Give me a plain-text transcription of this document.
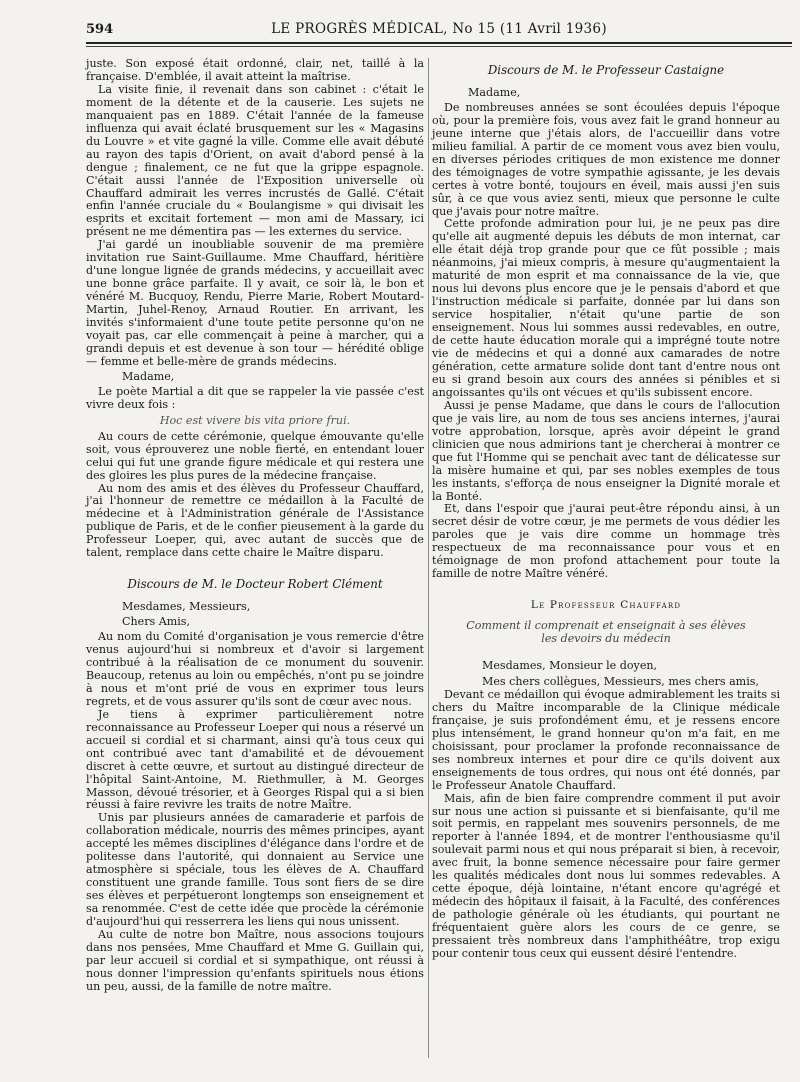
594	LE PROGRÈS MÉDICAL, No 15 (11 Avril 1936)

juste. Son exposé était ordonné, clair, net, taillé à la française. D'emblée, il avait atteint la maîtrise.

La visite finie, il revenait dans son cabinet : c'était le moment de la détente et de la causerie. Les sujets ne manquaient pas en 1889. C'était l'année de la fameuse influenza qui avait éclaté brusquement sur les « Magasins du Louvre » et vite gagné la ville. Comme elle avait débuté au rayon des tapis d'Orient, on avait d'abord pensé à la dengue ; finalement, ce ne fut que la grippe espagnole. C'était aussi l'année de l'Exposition universelle où Chauffard admirait les verres incrustés de Gallé. C'était enfin l'année cruciale du « Boulangisme » qui divisait les esprits et excitait fortement — mon ami de Massary, ici présent ne me démentira pas — les externes du service.

J'ai gardé un inoubliable souvenir de ma première invitation rue Saint-Guillaume. Mme Chauffard, héritière d'une longue lignée de grands médecins, y accueillait avec une bonne grâce parfaite. Il y avait, ce soir là, le bon et vénéré M. Bucquoy, Rendu, Pierre Marie, Robert Moutard-Martin, Juhel-Renoy, Arnaud Routier. En arrivant, les invités s'informaient d'une toute petite personne qu'on ne voyait pas, car elle commençait à peine à marcher, qui a grandi depuis et est devenue à son tour — hérédité oblige — femme et belle-mère de grands médecins.

Madame,

Le poète Martial a dit que se rappeler la vie passée c'est vivre deux fois :

Hoc est vivere bis vita priore frui.

Au cours de cette cérémonie, quelque émouvante qu'elle soit, vous éprouverez une noble fierté, en entendant louer celui qui fut une grande figure médicale et qui restera une des gloires les plus pures de la médecine française.

Au nom des amis et des élèves du Professeur Chauffard, j'ai l'honneur de remettre ce médaillon à la Faculté de médecine et à l'Administration générale de l'Assistance publique de Paris, et de le confier pieusement à la garde du Professeur Loeper, qui, avec autant de succès que de talent, remplace dans cette chaire le Maître disparu.

Discours de M. le Docteur Robert Clément

Mesdames, Messieurs,

Chers Amis,

Au nom du Comité d'organisation je vous remercie d'être venus aujourd'hui si nombreux et d'avoir si largement contribué à la réalisation de ce monument du souvenir. Beaucoup, retenus au loin ou empêchés, n'ont pu se joindre à nous et m'ont prié de vous en exprimer tous leurs regrets, et de vous assurer qu'ils sont de cœur avec nous.

Je tiens à exprimer particulièrement notre reconnaissance au Professeur Loeper qui nous a réservé un accueil si cordial et si charmant, ainsi qu'à tous ceux qui ont contribué avec tant d'amabilité et de dévouement discret à cette œuvre, et surtout au distingué directeur de l'hôpital Saint-Antoine, M. Riethmuller, à M. Georges Masson, dévoué trésorier, et à Georges Rispal qui a si bien réussi à faire revivre les traits de notre Maître.

Unis par plusieurs années de camaraderie et parfois de collaboration médicale, nourris des mêmes principes, ayant accepté les mêmes disciplines d'élégance dans l'ordre et de politesse dans l'autorité, qui donnaient au Service une atmosphère si spéciale, tous les élèves de A. Chauffard constituent une grande famille. Tous sont fiers de se dire ses élèves et perpétueront longtemps son enseignement et sa renommée. C'est de cette idée que procède la cérémonie d'aujourd'hui qui resserrera les liens qui nous unissent.

Au culte de notre bon Maître, nous associons toujours dans nos pensées, Mme Chauffard et Mme G. Guillain qui, par leur accueil si cordial et si sympathique, ont réussi à nous donner l'impression qu'enfants spirituels nous étions un peu, aussi, de la famille de notre maître.

Discours de M. le Professeur Castaigne

Madame,

De nombreuses années se sont écoulées depuis l'époque où, pour la première fois, vous avez fait le grand honneur au jeune interne que j'étais alors, de l'accueillir dans votre milieu familial. A partir de ce moment vous avez bien voulu, en diverses périodes critiques de mon existence me donner des témoignages de votre sympathie agissante, je les devais certes à votre bonté, toujours en éveil, mais aussi j'en suis sûr, à ce que vous aviez senti, mieux que personne le culte que j'avais pour notre maître.

Cette profonde admiration pour lui, je ne peux pas dire qu'elle ait augmenté depuis les débuts de mon internat, car elle était déjà trop grande pour que ce fût possible ; mais néanmoins, j'ai mieux compris, à mesure qu'augmentaient la maturité de mon esprit et ma connaissance de la vie, que nous lui devons plus encore que je le pensais d'abord et que l'instruction médicale si parfaite, donnée par lui dans son service hospitalier, n'était qu'une partie de son enseignement. Nous lui sommes aussi redevables, en outre, de cette haute éducation morale qui a imprégné toute notre vie de médecins et qui a donné aux camarades de notre génération, cette armature solide dont tant d'entre nous ont eu si grand besoin aux cours des années si pénibles et si angoissantes qu'ils ont vécues et qu'ils subissent encore.

Aussi je pense Madame, que dans le cours de l'allocution que je vais lire, au nom de tous ses anciens internes, j'aurai votre approbation, lorsque, après avoir dépeint le grand clinicien que nous admirions tant je chercherai à montrer ce que fut l'Homme qui se penchait avec tant de délicatesse sur la misère humaine et qui, par ses nobles exemples de tous les instants, s'efforça de nous enseigner la Dignité morale et la Bonté.

Et, dans l'espoir que j'aurai peut-être répondu ainsi, à un secret désir de votre cœur, je me permets de vous dédier les paroles que je vais dire comme un hommage très respectueux de ma reconnaissance pour vous et en témoignage de mon profond attachement pour toute la famille de notre Maître vénéré.

Le Professeur Chauffard
Comment il comprenait et enseignait à ses élèves
les devoirs du médecin

Mesdames, Monsieur le doyen,

Mes chers collègues, Messieurs, mes chers amis,

Devant ce médaillon qui évoque admirablement les traits si chers du Maître incomparable de la Clinique médicale française, je suis profondément ému, et je ressens encore plus intensément, le grand honneur qu'on m'a fait, en me choisissant, pour proclamer la profonde reconnaissance de ses nombreux internes et pour dire ce qu'ils doivent aux enseignements de tous ordres, qui nous ont été donnés, par le Professeur Anatole Chauffard.

Mais, afin de bien faire comprendre comment il put avoir sur nous une action si puissante et si bienfaisante, qu'il me soit permis, en rappelant mes souvenirs personnels, de me reporter à l'année 1894, et de montrer l'enthousiasme qu'il soulevait parmi nous et qui nous préparait si bien, à recevoir, avec fruit, la bonne semence nécessaire pour faire germer les qualités médicales dont nous lui sommes redevables. A cette époque, déjà lointaine, n'étant encore qu'agrégé et médecin des hôpitaux il faisait, à la Faculté, des conférences de pathologie générale où les étudiants, qui pourtant ne fréquentaient guère alors les cours de ce genre, se pressaient très nombreux dans l'amphithéâtre, trop exigu pour contenir tous ceux qui eussent désiré l'entendre.
